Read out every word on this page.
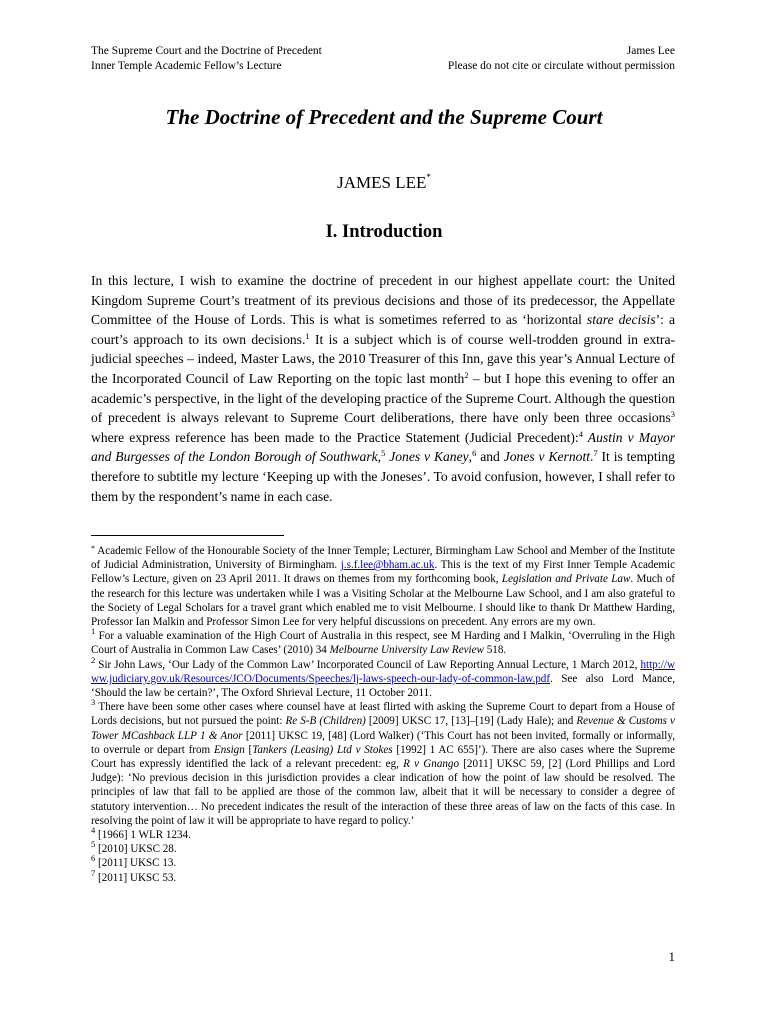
The Supreme Court and the Doctrine of Precedent	James Lee
Inner Temple Academic Fellow’s Lecture	Please do not cite or circulate without permission
The Doctrine of Precedent and the Supreme Court
JAMES LEE*
I. Introduction
In this lecture, I wish to examine the doctrine of precedent in our highest appellate court: the United Kingdom Supreme Court’s treatment of its previous decisions and those of its predecessor, the Appellate Committee of the House of Lords. This is what is sometimes referred to as ‘horizontal stare decisis’: a court’s approach to its own decisions.$^1$ It is a subject which is of course well-trodden ground in extra-judicial speeches – indeed, Master Laws, the 2010 Treasurer of this Inn, gave this year’s Annual Lecture of the Incorporated Council of Law Reporting on the topic last month$^2$ – but I hope this evening to offer an academic’s perspective, in the light of the developing practice of the Supreme Court. Although the question of precedent is always relevant to Supreme Court deliberations, there have only been three occasions$^3$ where express reference has been made to the Practice Statement (Judicial Precedent):$^4$ Austin v Mayor and Burgesses of the London Borough of Southwark,$^5$ Jones v Kaney,$^6$ and Jones v Kernott.$^7$ It is tempting therefore to subtitle my lecture ‘Keeping up with the Joneses’. To avoid confusion, however, I shall refer to them by the respondent’s name in each case.

* Academic Fellow of the Honourable Society of the Inner Temple; Lecturer, Birmingham Law School and Member of the Institute of Judicial Administration, University of Birmingham. j.s.f.lee@bham.ac.uk. This is the text of my First Inner Temple Academic Fellow’s Lecture, given on 23 April 2011. It draws on themes from my forthcoming book, Legislation and Private Law. Much of the research for this lecture was undertaken while I was a Visiting Scholar at the Melbourne Law School, and I am also grateful to the Society of Legal Scholars for a travel grant which enabled me to visit Melbourne. I should like to thank Dr Matthew Harding, Professor Ian Malkin and Professor Simon Lee for very helpful discussions on precedent. Any errors are my own.

$^1$ For a valuable examination of the High Court of Australia in this respect, see M Harding and I Malkin, ‘Overruling in the High Court of Australia in Common Law Cases’ (2010) 34 Melbourne University Law Review 518.

$^2$ Sir John Laws, ‘Our Lady of the Common Law’ Incorporated Council of Law Reporting Annual Lecture, 1 March 2012, http://www.judiciary.gov.uk/Resources/JCO/Documents/Speeches/lj-laws-speech-our-lady-of-common-law.pdf. See also Lord Mance, ‘Should the law be certain?’, The Oxford Shrieval Lecture, 11 October 2011.

$^3$ There have been some other cases where counsel have at least flirted with asking the Supreme Court to depart from a House of Lords decisions, but not pursued the point: Re S-B (Children) [2009] UKSC 17, [13]–[19] (Lady Hale); and Revenue & Customs v Tower MCashback LLP 1 & Anor [2011] UKSC 19, [48] (Lord Walker) (‘This Court has not been invited, formally or informally, to overrule or depart from Ensign [Tankers (Leasing) Ltd v Stokes [1992] 1 AC 655]’). There are also cases where the Supreme Court has expressly identified the lack of a relevant precedent: eg, R v Gnango [2011] UKSC 59, [2] (Lord Phillips and Lord Judge): ‘No previous decision in this jurisdiction provides a clear indication of how the point of law should be resolved. The principles of law that fall to be applied are those of the common law, albeit that it will be necessary to consider a degree of statutory intervention… No precedent indicates the result of the interaction of these three areas of law on the facts of this case. In resolving the point of law it will be appropriate to have regard to policy.’

$^4$ [1966] 1 WLR 1234.

$^5$ [2010] UKSC 28.

$^6$ [2011] UKSC 13.

$^7$ [2011] UKSC 53.

1
